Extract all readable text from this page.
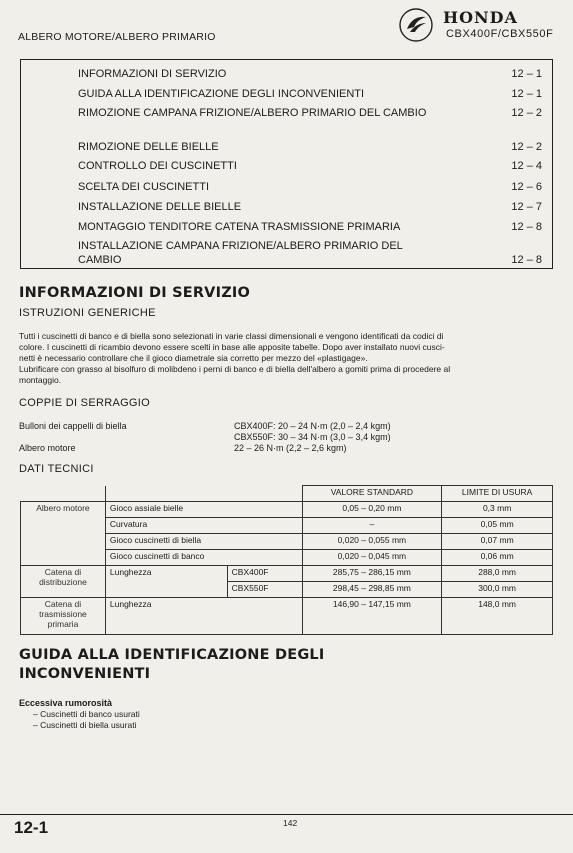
ALBERO MOTORE/ALBERO PRIMARIO
HONDA
CBX400F/CBX550F
INFORMAZIONI DI SERVIZIO	12 – 1
GUIDA ALLA IDENTIFICAZIONE DEGLI INCONVENIENTI	12 – 1
RIMOZIONE CAMPANA FRIZIONE/ALBERO PRIMARIO DEL CAMBIO	12 – 2
RIMOZIONE DELLE BIELLE	12 – 2
CONTROLLO DEI CUSCINETTI	12 – 4
SCELTA DEI CUSCINETTI	12 – 6
INSTALLAZIONE DELLE BIELLE	12 – 7
MONTAGGIO TENDITORE CATENA TRASMISSIONE PRIMARIA	12 – 8
INSTALLAZIONE CAMPANA FRIZIONE/ALBERO PRIMARIO DEL CAMBIO	12 – 8
INFORMAZIONI DI SERVIZIO
ISTRUZIONI GENERICHE
Tutti i cuscinetti di banco e di biella sono selezionati in varie classi dimensionali e vengono identificati da codici di
colore. I cuscinetti di ricambio devono essere scelti in base alle apposite tabelle. Dopo aver installato nuovi cusci-
netti è necessario controllare che il gioco diametrale sia corretto per mezzo del «plastigage».
Lubrificare con grasso al bisolfuro di molibdeno i perni di banco e di biella dell'albero a gomiti prima di procedere al
montaggio.
COPPIE DI SERRAGGIO
Bulloni dei cappelli di biella	CBX400F: 20 – 24 N·m (2,0 – 2,4 kgm)
CBX550F: 30 – 34 N·m (3,0 – 3,4 kgm)
Albero motore	22 – 26 N·m (2,2 – 2,6 kgm)
DATI TECNICI
			VALORE STANDARD	LIMITE DI USURA
Albero motore	Gioco assiale bielle		0,05 – 0,20 mm	0,3 mm
	Curvatura		–	0,05 mm
	Gioco cuscinetti di biella		0,020 – 0,055 mm	0,07 mm
	Gioco cuscinetti di banco		0,020 – 0,045 mm	0,06 mm
Catena di distribuzione	Lunghezza	CBX400F	285,75 – 286,15 mm	288,0 mm
		CBX550F	298,45 – 298,85 mm	300,0 mm
Catena di trasmissione primaria	Lunghezza		146,90 – 147,15 mm	148,0 mm
GUIDA ALLA IDENTIFICAZIONE DEGLI
INCONVENIENTI
Eccessiva rumorosità
– Cuscinetti di banco usurati
– Cuscinetti di biella usurati
12-1	142
